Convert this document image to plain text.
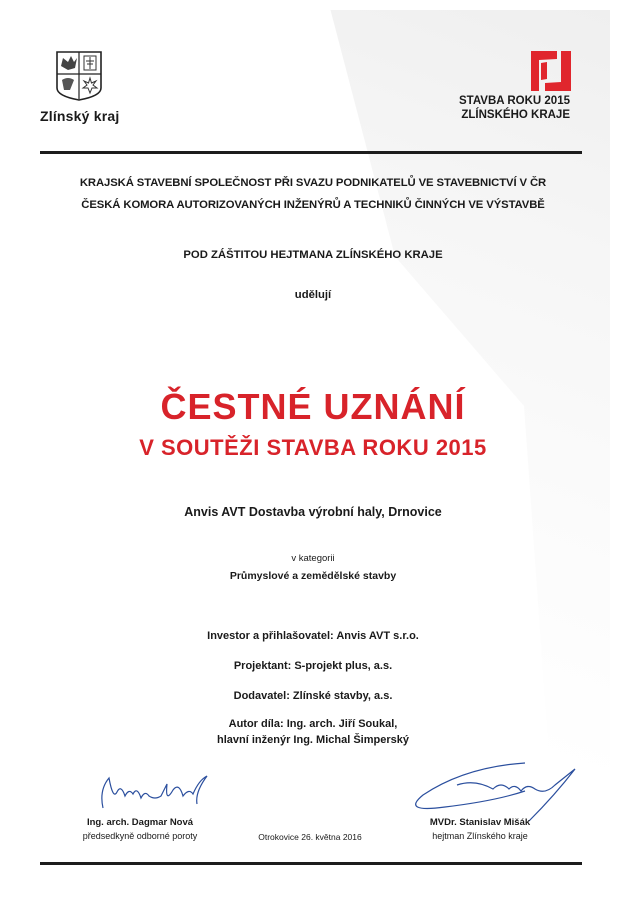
Zlínský kraj
STAVBA ROKU 2015
ZLÍNSKÉHO KRAJE
KRAJSKÁ STAVEBNÍ SPOLEČNOST PŘI SVAZU PODNIKATELŮ VE STAVEBNICTVÍ V ČR
ČESKÁ KOMORA AUTORIZOVANÝCH INŽENÝRŮ A TECHNIKŮ ČINNÝCH VE VÝSTAVBĚ
POD ZÁŠTITOU HEJTMANA ZLÍNSKÉHO KRAJE
udělují
ČESTNÉ UZNÁNÍ
V SOUTĚŽI STAVBA ROKU 2015
Anvis AVT Dostavba výrobní haly, Drnovice
v kategorii
Průmyslové a zemědělské stavby
Investor a přihlašovatel: Anvis AVT s.r.o.
Projektant: S-projekt plus, a.s.
Dodavatel: Zlínské stavby, a.s.
Autor díla: Ing. arch. Jiří Soukal,
hlavní inženýr Ing. Michal Šimperský
Ing. arch. Dagmar Nová
předsedkyně odborné poroty	Otrokovice 26. května 2016
MVDr. Stanislav Mišák
hejtman Zlínského kraje
